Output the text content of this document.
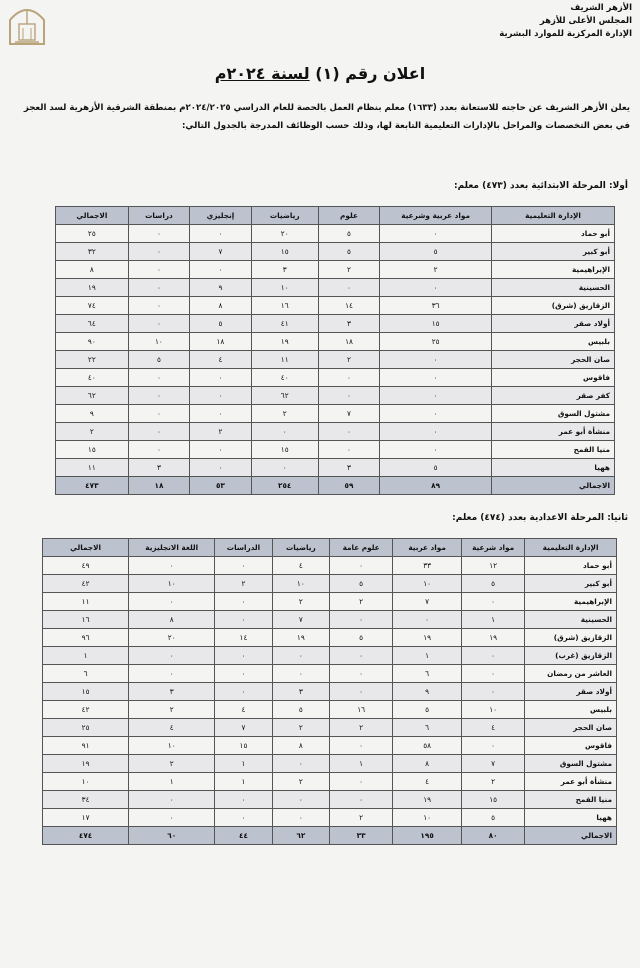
الأزهر الشريف
المجلس الأعلى للأزهر
الإدارة المركزية للموارد البشرية
اعلان رقم (١) لسنة ٢٠٢٤م
يعلن الأزهر الشريف عن حاجته للاستعانة بعدد (١٦٣٣) معلم بنظام العمل بالحصة للعام الدراسي ٢٠٢٤/٢٠٢٥م بمنطقة الشرقية الأزهرية لسد العجز في بعض التخصصات والمراحل بالإدارات التعليمية التابعة لها، وذلك حسب الوظائف المدرجة بالجدول التالي:
أولا: المرحلة الابتدائية بعدد (٤٧٣) معلم:
الإدارة التعليمية	مواد عربية وشرعية	علوم	رياضيات	إنجليزي	دراسات	الاجمالي
أبو حماد	٠	٥	٢٠	٠	٠	٢٥
أبو كبير	٥	٥	١٥	٧	٠	٣٢
الإبراهيمية	٢	٢	٣	٠	٠	٨
الحسينية	٠	٠	١٠	٩	٠	١٩
الزقازيق (شرق)	٣٦	١٤	١٦	٨	٠	٧٤
أولاد صقر	١٥	٣	٤١	٥	٠	٦٤
بلبيس	٢٥	١٨	١٩	١٨	١٠	٩٠
صان الحجر	٠	٢	١١	٤	٥	٢٢
فاقوس	٠	٠	٤٠	٠	٠	٤٠
كفر صقر	٠	٠	٦٢	٠	٠	٦٢
مشتول السوق	٠	٧	٢	٠	٠	٩
منشأة أبو عمر	٠	٠	٠	٢	٠	٢
منيا القمح	٠	٠	١٥	٠	٠	١٥
ههيا	٥	٣	٠	٠	٣	١١
الاجمالي	٨٩	٥٩	٢٥٤	٥٣	١٨	٤٧٣
ثانيا: المرحلة الاعدادية بعدد (٤٧٤) معلم:
الإدارة التعليمية	مواد شرعية	مواد عربية	علوم عامة	رياضيات	الدراسات	اللغة الانجليزية	الاجمالي
أبو حماد	١٢	٣٣	٠	٤	٠	٠	٤٩
أبو كبير	٥	١٠	٥	١٠	٢	١٠	٤٢
الإبراهيمية	٠	٧	٢	٢	٠	٠	١١
الحسينية	١	٠	٠	٧	٠	٨	١٦
الزقازيق (شرق)	١٩	١٩	٥	١٩	١٤	٢٠	٩٦
الزقازيق (غرب)	٠	١	٠	٠	٠	٠	١
العاشر من رمضان	٠	٦	٠	٠	٠	٠	٦
أولاد صقر	٠	٩	٠	٣	٠	٣	١٥
بلبيس	١٠	٥	١٦	٥	٤	٢	٤٢
صان الحجر	٤	٦	٢	٢	٧	٤	٢٥
فاقوس	٠	٥٨	٠	٨	١٥	١٠	٩١
مشتول السوق	٧	٨	١	٠	١	٢	١٩
منشأة أبو عمر	٢	٤	٠	٢	١	١	١٠
منيا القمح	١٥	١٩	٠	٠	٠	٠	٣٤
ههيا	٥	١٠	٢	٠	٠	٠	١٧
الاجمالي	٨٠	١٩٥	٣٣	٦٢	٤٤	٦٠	٤٧٤
